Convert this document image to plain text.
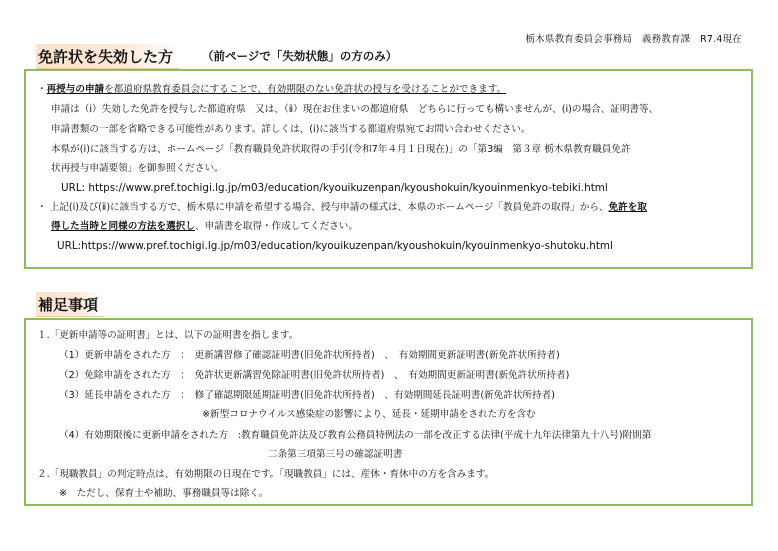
栃木県教育委員会事務局　義務教育課　R7.4現在
免許状を失効した方	（前ページで「失効状態」の方のみ）
・再授与の申請を都道府県教育委員会にすることで、有効期限のない免許状の授与を受けることができます。
申請は（ⅰ）失効した免許を授与した都道府県　又は、（ⅱ）現在お住まいの都道府県　どちらに行っても構いませんが、(ⅰ)の場合、証明書等、
申請書類の一部を省略できる可能性があります。詳しくは、(ⅰ)に該当する都道府県宛てお問い合わせください。
本県が(ⅰ)に該当する方は、ホームページ「教育職員免許状取得の手引(令和7年４月１日現在)」の「第3編　第３章 栃木県教育職員免許
状再授与申請要領」を御参照ください。
URL: https://www.pref.tochigi.lg.jp/m03/education/kyouikuzenpan/kyoushokuin/kyouinmenkyo-tebiki.html
・ 上記(ⅰ)及び(ⅱ)に該当する方で、栃木県に申請を希望する場合、授与申請の様式は、本県のホームページ「教員免許の取得」から、免許を取
得した当時と同様の方法を選択し、申請書を取得・作成してください。
URL:https://www.pref.tochigi.lg.jp/m03/education/kyouikuzenpan/kyoushokuin/kyouinmenkyo-shutoku.html
補足事項
１.「更新申請等の証明書」とは、以下の証明書を指します。
（1）更新申請をされた方　：　更新講習修了確認証明書(旧免許状所持者)　、　有効期間更新証明書(新免許状所持者)
（2）免除申請をされた方　：　免許状更新講習免除証明書(旧免許状所持者)　、　有効期間更新証明書(新免許状所持者)
（3）延長申請をされた方　：　修了確認期限延期証明書(旧免許状所持者)　、有効期間延長証明書(新免許状所持者)
※新型コロナウイルス感染症の影響により、延長・延期申請をされた方を含む
（4）有効期限後に更新申請をされた方　:教育職員免許法及び教育公務員特例法の一部を改正する法律(平成十九年法律第九十八号)附則第
二条第三項第三号の確認証明書
２.「現職教員」の判定時点は、有効期限の日現在です。「現職教員」には、産休・育休中の方を含みます。
※　ただし、保育士や補助、事務職員等は除く。
